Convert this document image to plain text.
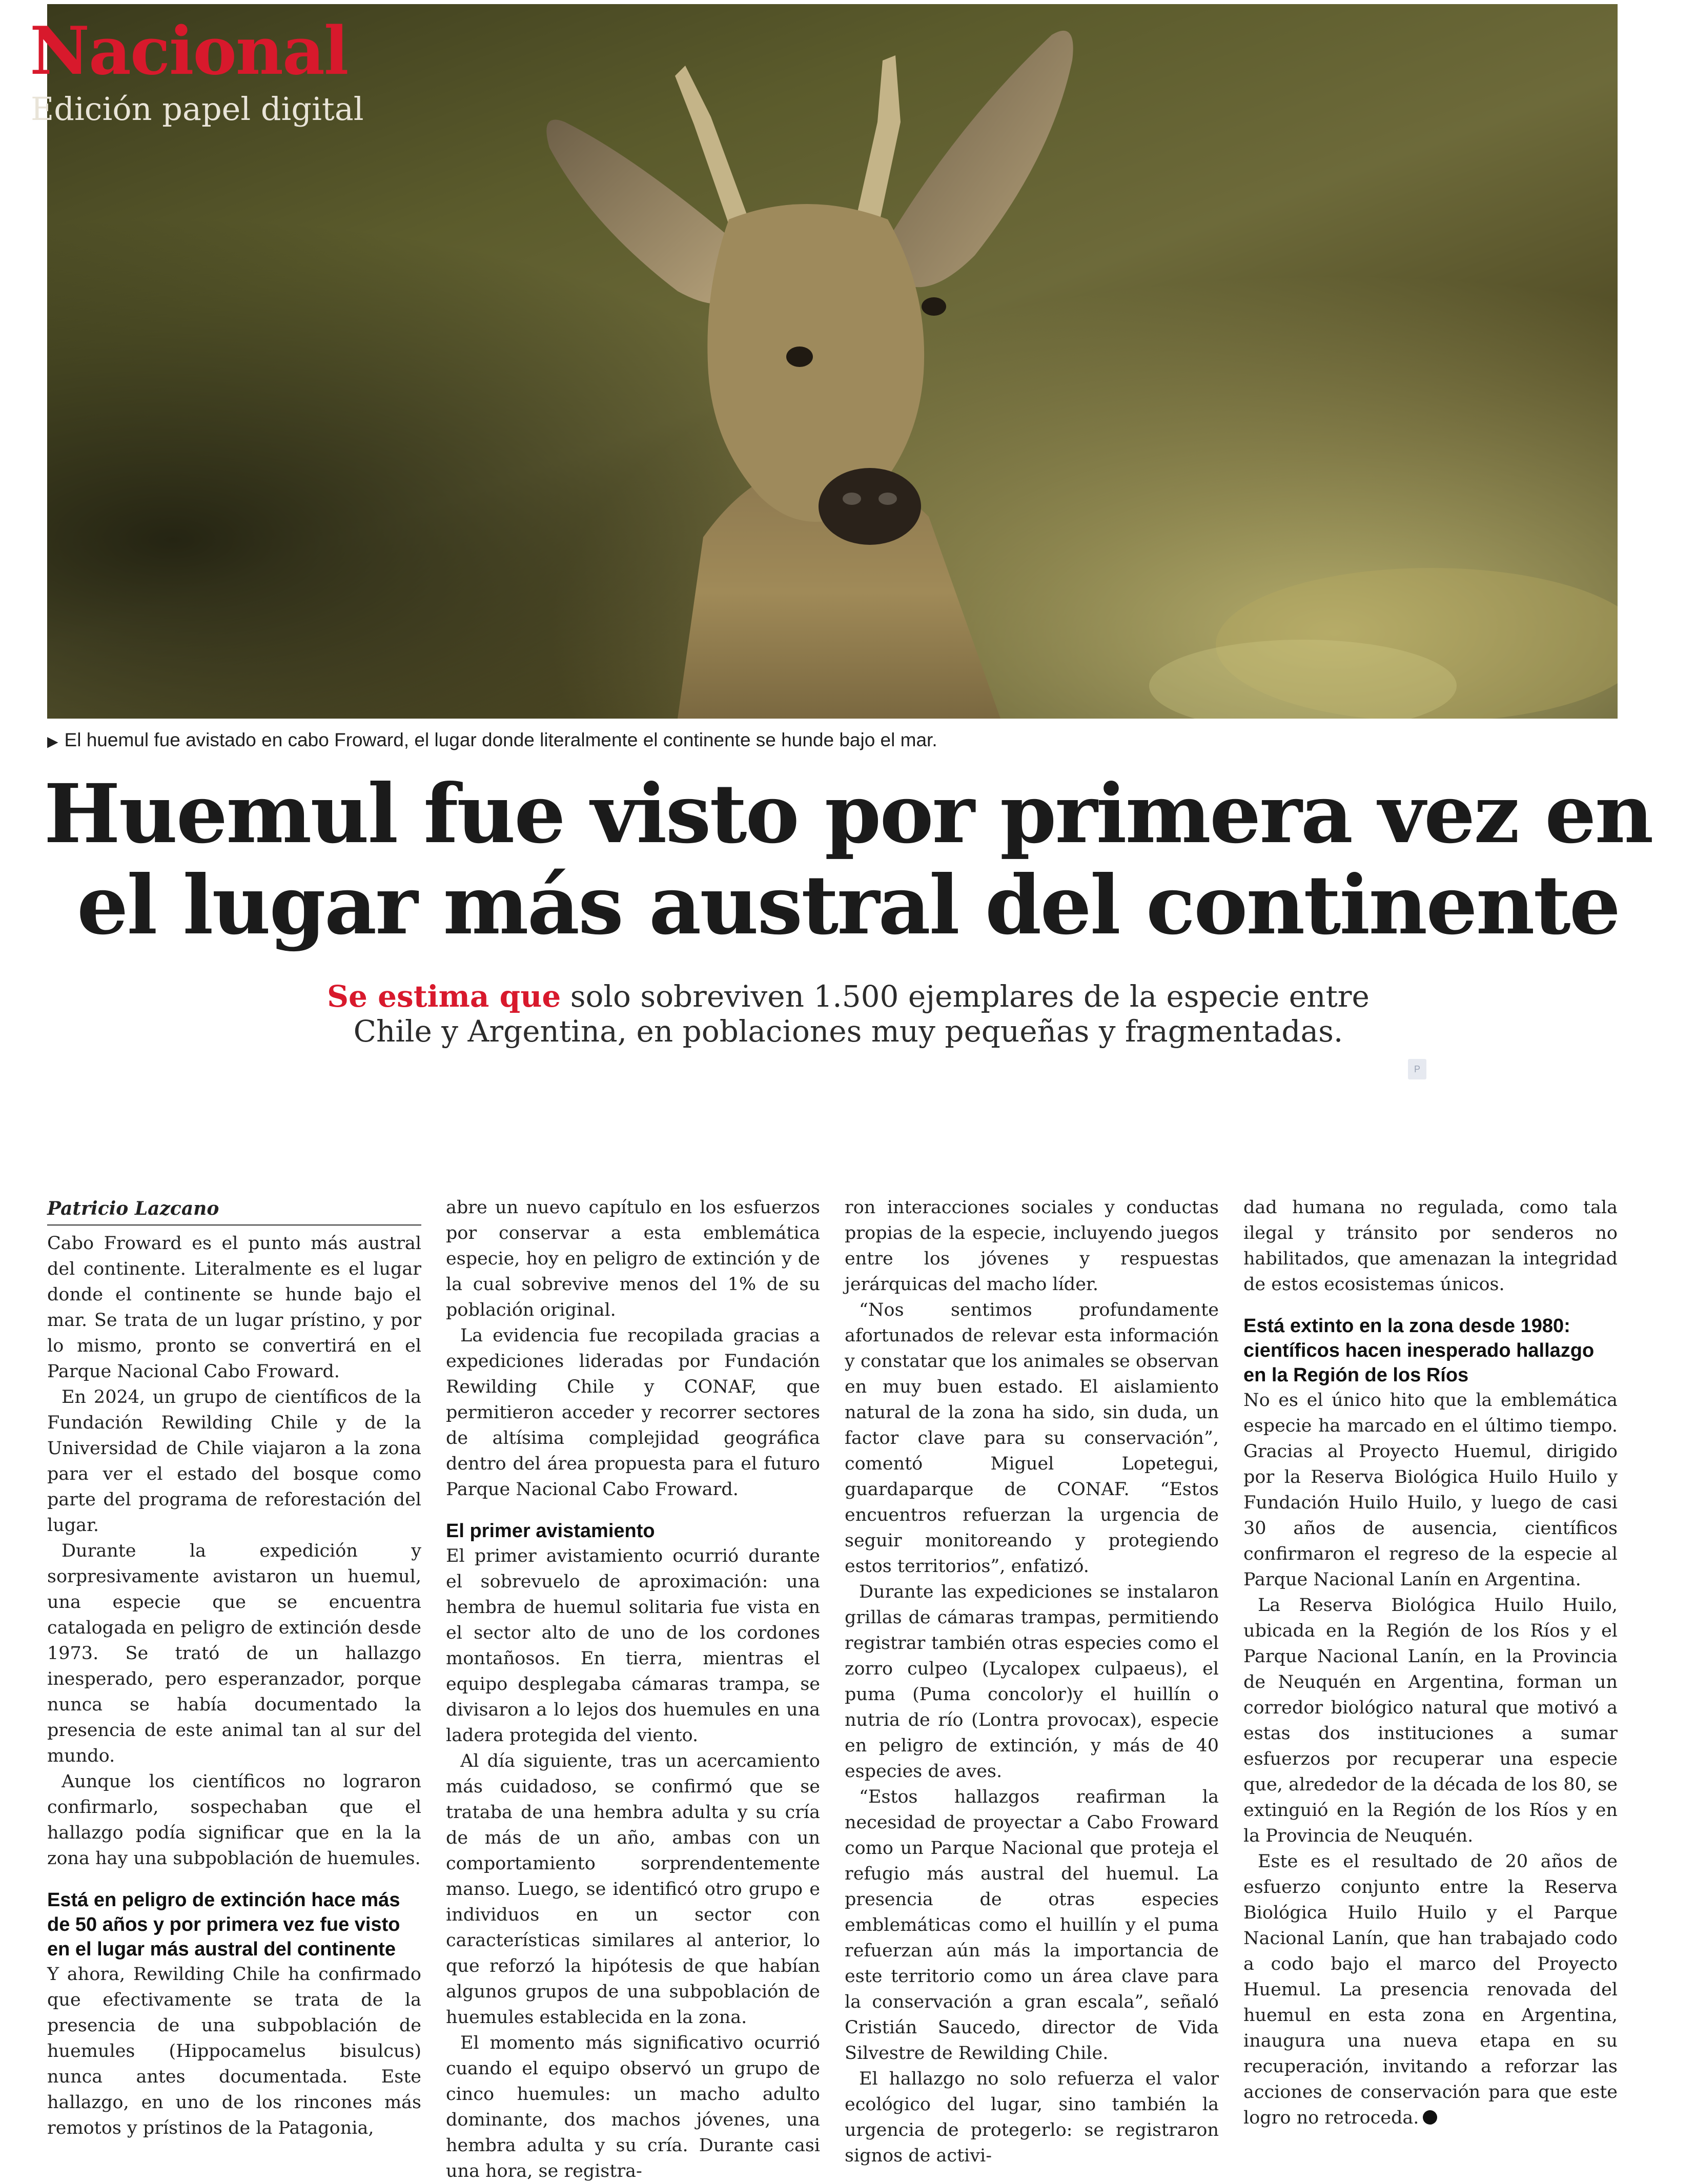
Nacional

Edición papel digital

▶ El huemul fue avistado en cabo Froward, el lugar donde literalmente el continente se hunde bajo el mar.
Huemul fue visto por primera vez en
el lugar más austral del continente

Se estima que solo sobreviven 1.500 ejemplares de la especie entre
Chile y Argentina, en poblaciones muy pequeñas y fragmentadas.

P
Patricio Lazcano

Cabo Froward es el punto más austral del continente. Literalmente es el lugar donde el continente se hunde bajo el mar. Se trata de un lugar prístino, y por lo mismo, pronto se convertirá en el Parque Nacional Cabo Froward.

En 2024, un grupo de científicos de la Fundación Rewilding Chile y de la Universidad de Chile viajaron a la zona para ver el estado del bosque como parte del programa de reforestación del lugar.

Durante la expedición y sorpresivamente avistaron un huemul, una especie que se encuentra catalogada en peligro de extinción desde 1973. Se trató de un hallazgo inesperado, pero esperanzador, porque nunca se había documentado la presencia de este animal tan al sur del mundo.

Aunque los científicos no lograron confirmarlo, sospechaban que el hallazgo podía significar que en la la zona hay una subpoblación de huemules.

Está en peligro de extinción hace más de 50 años y por primera vez fue visto en el lugar más austral del continente

Y ahora, Rewilding Chile ha confirmado que efectivamente se trata de la presencia de una subpoblación de huemules (Hippocamelus bisulcus) nunca antes documentada. Este hallazgo, en uno de los rincones más remotos y prístinos de la Patagonia,

abre un nuevo capítulo en los esfuerzos por conservar a esta emblemática especie, hoy en peligro de extinción y de la cual sobrevive menos del 1% de su población original.

La evidencia fue recopilada gracias a expediciones lideradas por Fundación Rewilding Chile y CONAF, que permitieron acceder y recorrer sectores de altísima complejidad geográfica dentro del área propuesta para el futuro Parque Nacional Cabo Froward.

El primer avistamiento

El primer avistamiento ocurrió durante el sobrevuelo de aproximación: una hembra de huemul solitaria fue vista en el sector alto de uno de los cordones montañosos. En tierra, mientras el equipo desplegaba cámaras trampa, se divisaron a lo lejos dos huemules en una ladera protegida del viento.

Al día siguiente, tras un acercamiento más cuidadoso, se confirmó que se trataba de una hembra adulta y su cría de más de un año, ambas con un comportamiento sorprendentemente manso. Luego, se identificó otro grupo e individuos en un sector con características similares al anterior, lo que reforzó la hipótesis de que habían algunos grupos de una subpoblación de huemules establecida en la zona.

El momento más significativo ocurrió cuando el equipo observó un grupo de cinco huemules: un macho adulto dominante, dos machos jóvenes, una hembra adulta y su cría. Durante casi una hora, se registra-

ron interacciones sociales y conductas propias de la especie, incluyendo juegos entre los jóvenes y respuestas jerárquicas del macho líder.

“Nos sentimos profundamente afortunados de relevar esta información y constatar que los animales se observan en muy buen estado. El aislamiento natural de la zona ha sido, sin duda, un factor clave para su conservación”, comentó Miguel Lopetegui, guardaparque de CONAF. “Estos encuentros refuerzan la urgencia de seguir monitoreando y protegiendo estos territorios”, enfatizó.

Durante las expediciones se instalaron grillas de cámaras trampas, permitiendo registrar también otras especies como el zorro culpeo (Lycalopex culpaeus), el puma (Puma concolor)y el huillín o nutria de río (Lontra provocax), especie en peligro de extinción, y más de 40 especies de aves.

“Estos hallazgos reafirman la necesidad de proyectar a Cabo Froward como un Parque Nacional que proteja el refugio más austral del huemul. La presencia de otras especies emblemáticas como el huillín y el puma refuerzan aún más la importancia de este territorio como un área clave para la conservación a gran escala”, señaló Cristián Saucedo, director de Vida Silvestre de Rewilding Chile.

El hallazgo no solo refuerza el valor ecológico del lugar, sino también la urgencia de protegerlo: se registraron signos de activi-

dad humana no regulada, como tala ilegal y tránsito por senderos no habilitados, que amenazan la integridad de estos ecosistemas únicos.

Está extinto en la zona desde 1980: científicos hacen inesperado hallazgo en la Región de los Ríos

No es el único hito que la emblemática especie ha marcado en el último tiempo. Gracias al Proyecto Huemul, dirigido por la Reserva Biológica Huilo Huilo y Fundación Huilo Huilo, y luego de casi 30 años de ausencia, científicos confirmaron el regreso de la especie al Parque Nacional Lanín en Argentina.

La Reserva Biológica Huilo Huilo, ubicada en la Región de los Ríos y el Parque Nacional Lanín, en la Provincia de Neuquén en Argentina, forman un corredor biológico natural que motivó a estas dos instituciones a sumar esfuerzos por recuperar una especie que, alrededor de la década de los 80, se extinguió en la Región de los Ríos y en la Provincia de Neuquén.

Este es el resultado de 20 años de esfuerzo conjunto entre la Reserva Biológica Huilo Huilo y el Parque Nacional Lanín, que han trabajado codo a codo bajo el marco del Proyecto Huemul. La presencia renovada del huemul en esta zona en Argentina, inaugura una nueva etapa en su recuperación, invitando a reforzar las acciones de conservación para que este logro no retroceda.
